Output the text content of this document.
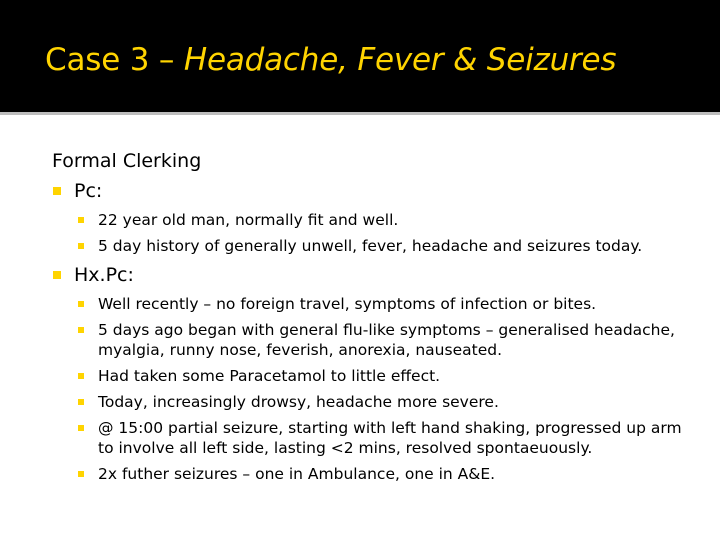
Case 3 – Headache, Fever & Seizures
Formal Clerking
Pc:
22 year old man, normally fit and well.
5 day history of generally unwell, fever, headache and seizures today.
Hx.Pc:
Well recently – no foreign travel, symptoms of infection or bites.
5 days ago began with general flu-like symptoms – generalised headache, myalgia, runny nose, feverish, anorexia, nauseated.
Had taken some Paracetamol to little effect.
Today, increasingly drowsy, headache more severe.
@ 15:00 partial seizure, starting with left hand shaking, progressed up arm to involve all left side, lasting <2 mins, resolved spontaeuously.
2x futher seizures – one in Ambulance, one in A&E.
